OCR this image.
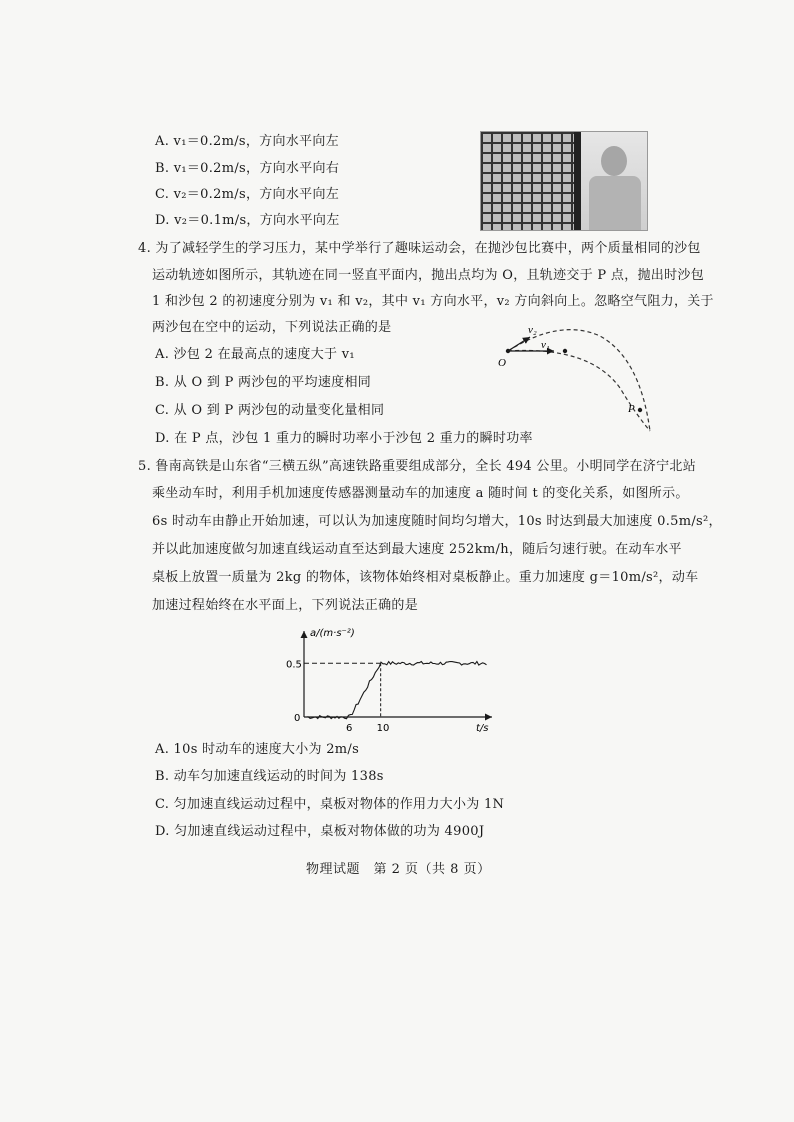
A. v₁＝0.2m/s，方向水平向左
B. v₁＝0.2m/s，方向水平向右
C. v₂＝0.2m/s，方向水平向左
D. v₂＝0.1m/s，方向水平向左
4. 为了减轻学生的学习压力，某中学举行了趣味运动会，在抛沙包比赛中，两个质量相同的沙包
运动轨迹如图所示，其轨迹在同一竖直平面内，抛出点均为 O，且轨迹交于 P 点，抛出时沙包
1 和沙包 2 的初速度分别为 v₁ 和 v₂，其中 v₁ 方向水平，v₂ 方向斜向上。忽略空气阻力，关于
两沙包在空中的运动，下列说法正确的是
A. 沙包 2 在最高点的速度大于 v₁
B. 从 O 到 P 两沙包的平均速度相同
C. 从 O 到 P 两沙包的动量变化量相同
D. 在 P 点，沙包 1 重力的瞬时功率小于沙包 2 重力的瞬时功率
v₂
v₁
O
P
5. 鲁南高铁是山东省“三横五纵”高速铁路重要组成部分，全长 494 公里。小明同学在济宁北站
乘坐动车时，利用手机加速度传感器测量动车的加速度 a 随时间 t 的变化关系，如图所示。
6s 时动车由静止开始加速，可以认为加速度随时间均匀增大，10s 时达到最大加速度 0.5m/s²，
并以此加速度做匀加速直线运动直至达到最大速度 252km/h，随后匀速行驶。在动车水平
桌板上放置一质量为 2kg 的物体，该物体始终相对桌板静止。重力加速度 g＝10m/s²，动车
加速过程始终在水平面上，下列说法正确的是
a/(m·s⁻²)
t/s
0.5
0
6 10
A. 10s 时动车的速度大小为 2m/s
B. 动车匀加速直线运动的时间为 138s
C. 匀加速直线运动过程中，桌板对物体的作用力大小为 1N
D. 匀加速直线运动过程中，桌板对物体做的功为 4900J
物理试题　第 2 页（共 8 页）
